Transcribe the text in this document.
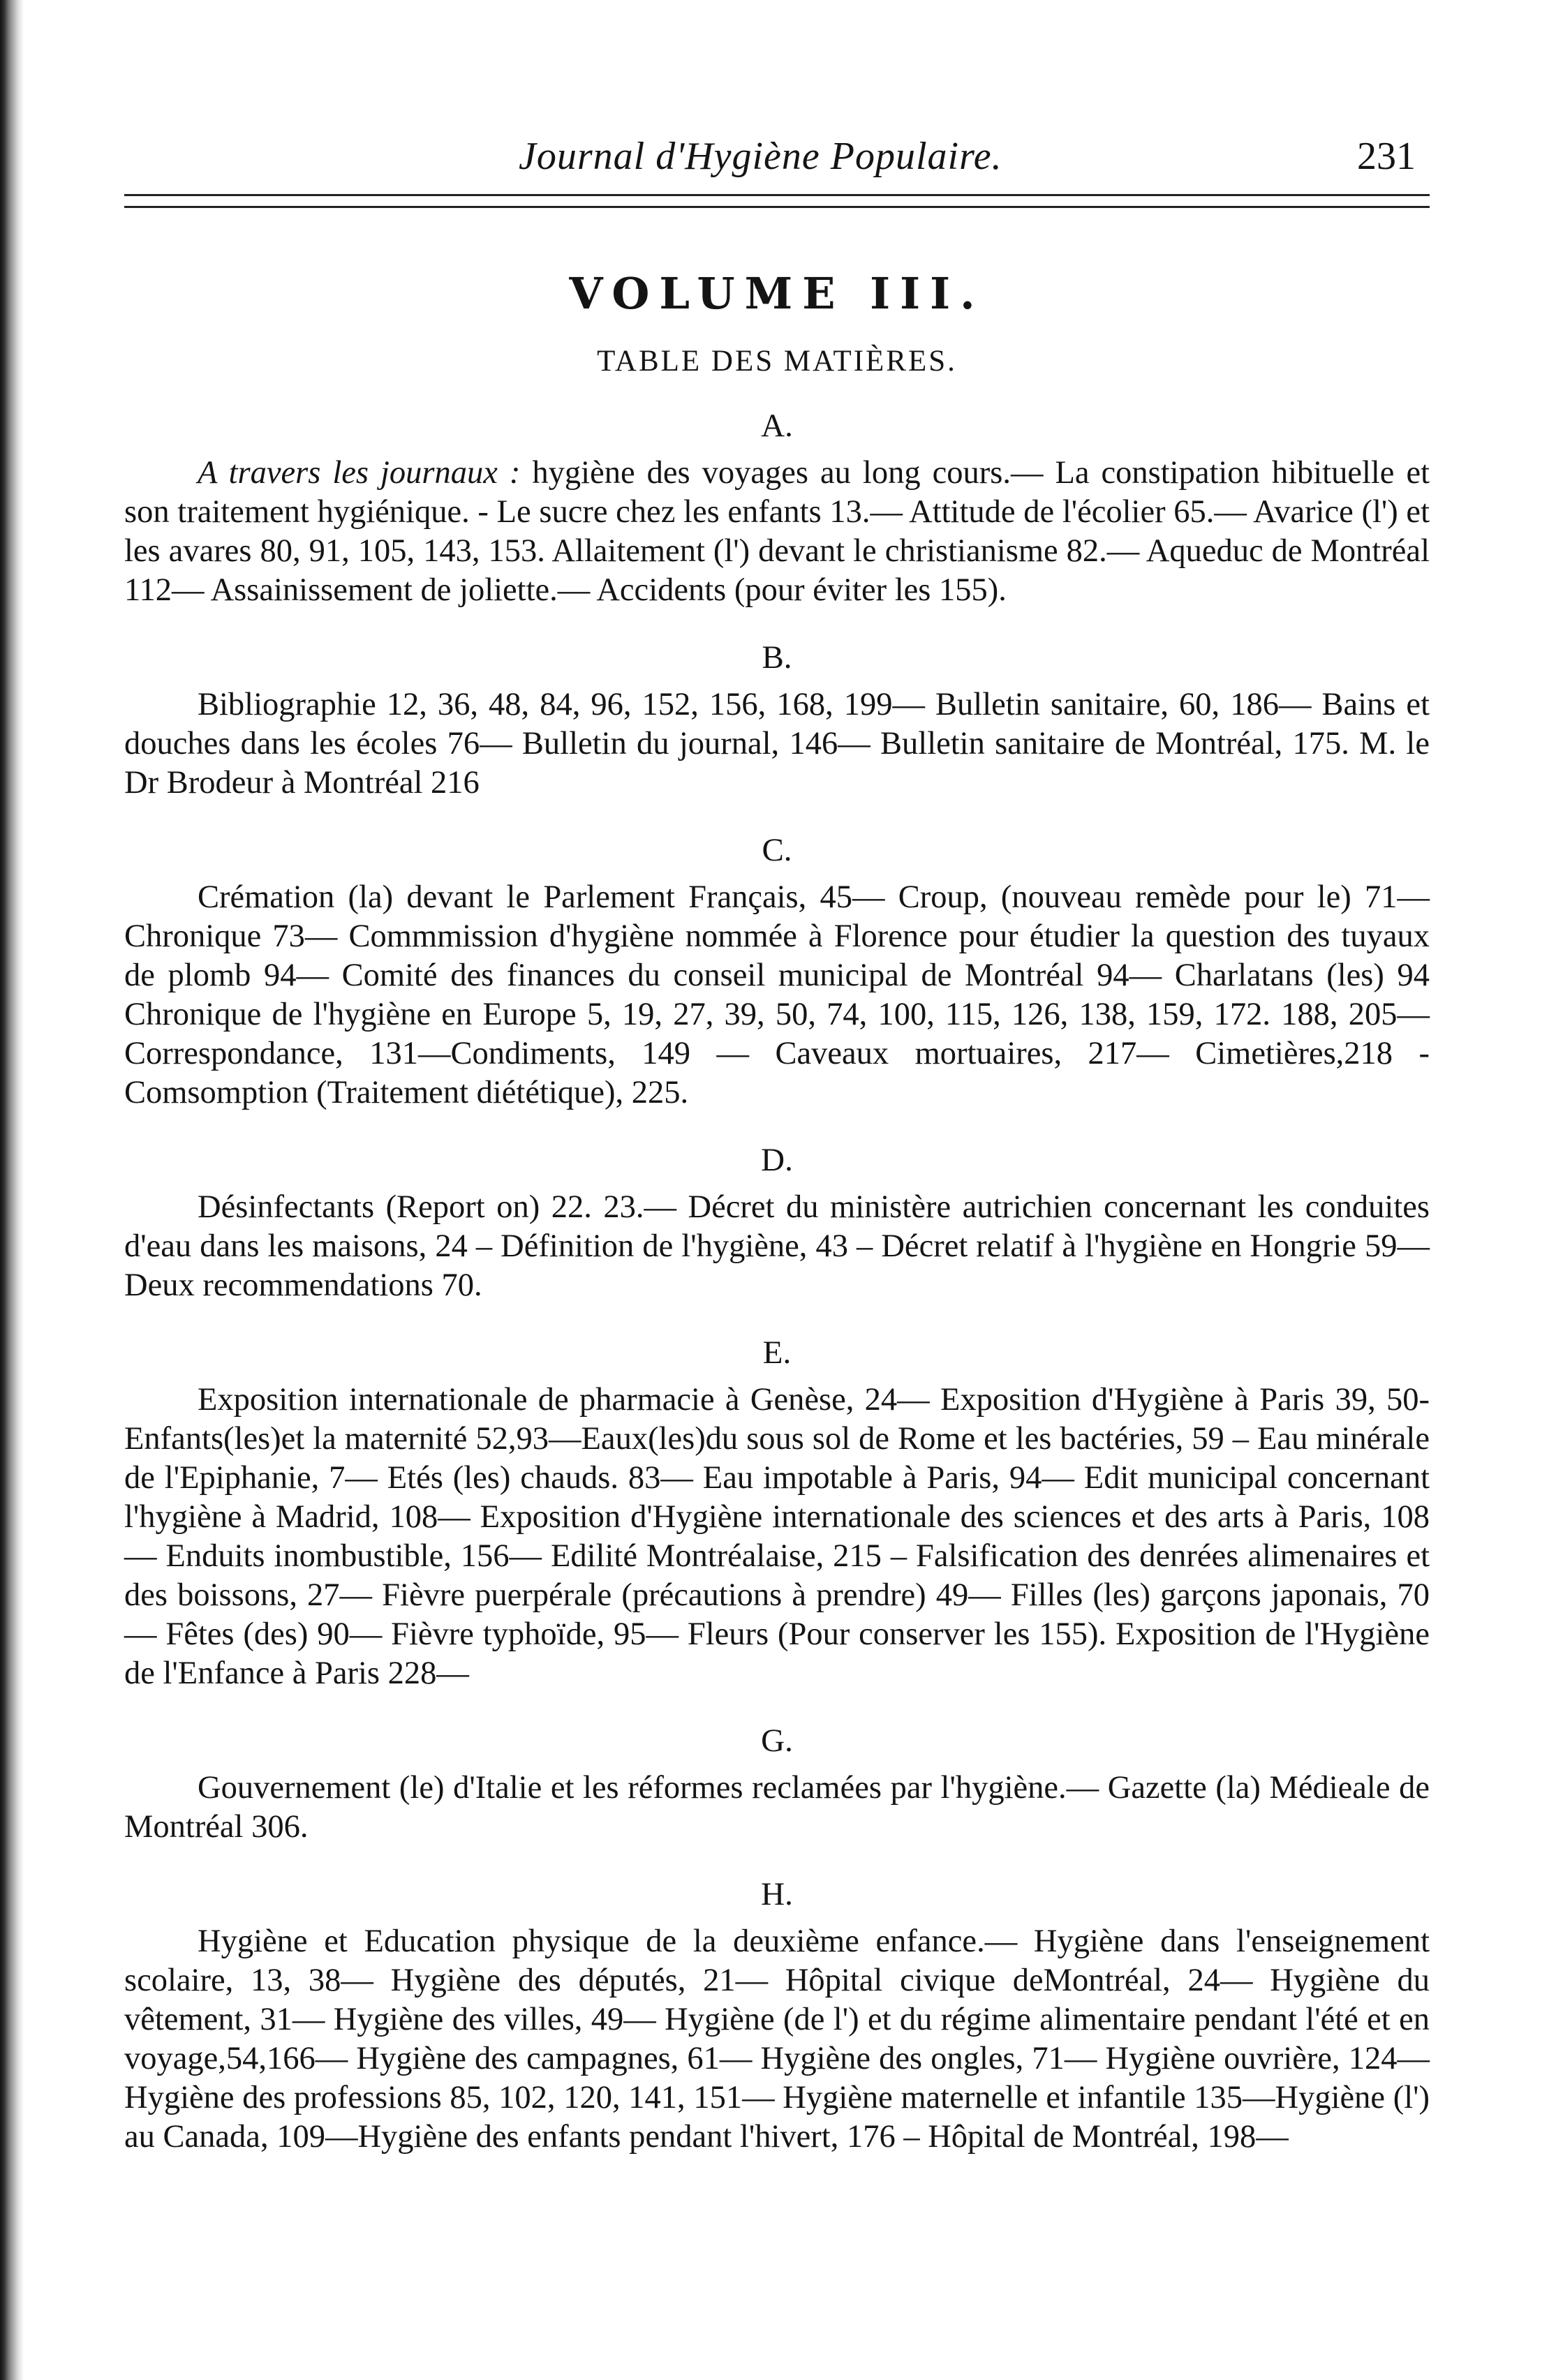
Journal d'Hygiène Populaire.	231
VOLUME III.
TABLE DES MATIÈRES.
A.

A travers les journaux : hygiène des voyages au long cours.— La constipation hibituelle et son traitement hygiénique. - Le sucre chez les enfants 13.— Attitude de l'écolier 65.— Avarice (l') et les avares 80, 91, 105, 143, 153. Allaitement (l') devant le christianisme 82.— Aqueduc de Montréal 112— Assainissement de joliette.— Accidents (pour éviter les 155).

B.

Bibliographie 12, 36, 48, 84, 96, 152, 156, 168, 199— Bulletin sanitaire, 60, 186— Bains et douches dans les écoles 76— Bulletin du journal, 146— Bulletin sanitaire de Montréal, 175. M. le Dr Brodeur à Montréal 216

C.

Crémation (la) devant le Parlement Français, 45— Croup, (nouveau remède pour le) 71—Chronique 73— Commmission d'hygiène nommée à Florence pour étudier la question des tuyaux de plomb 94— Comité des finances du conseil municipal de Montréal 94— Charlatans (les) 94 Chronique de l'hygiène en Europe 5, 19, 27, 39, 50, 74, 100, 115, 126, 138, 159, 172. 188, 205—Correspondance, 131—Condiments, 149 — Caveaux mortuaires, 217— Cimetières,218 - Comsomption (Traitement diététique), 225.

D.

Désinfectants (Report on) 22. 23.— Décret du ministère autrichien concernant les conduites d'eau dans les maisons, 24 – Définition de l'hygiène, 43 – Décret relatif à l'hygiène en Hongrie 59— Deux recommendations 70.

E.

Exposition internationale de pharmacie à Genèse, 24— Exposition d'Hygiène à Paris 39, 50- Enfants(les)et la maternité 52,93—Eaux(les)du sous sol de Rome et les bactéries, 59 – Eau minérale de l'Epiphanie, 7— Etés (les) chauds. 83— Eau impotable à Paris, 94— Edit municipal concernant l'hygiène à Madrid, 108— Exposition d'Hygiène internationale des sciences et des arts à Paris, 108— Enduits inombustible, 156— Edilité Montréalaise, 215 – Falsification des denrées alimenaires et des boissons, 27— Fièvre puerpérale (précautions à prendre) 49— Filles (les) garçons japonais, 70— Fêtes (des) 90— Fièvre typhoïde, 95— Fleurs (Pour conserver les 155). Exposition de l'Hygiène de l'Enfance à Paris 228—

G.

Gouvernement (le) d'Italie et les réformes reclamées par l'hygiène.— Gazette (la) Médieale de Montréal 306.

H.

Hygiène et Education physique de la deuxième enfance.— Hygiène dans l'enseignement scolaire, 13, 38— Hygiène des députés, 21— Hôpital civique deMontréal, 24— Hygiène du vêtement, 31— Hygiène des villes, 49— Hygiène (de l') et du régime alimentaire pendant l'été et en voyage,54,166— Hygiène des campagnes, 61— Hygiène des ongles, 71— Hygiène ouvrière, 124— Hygiène des professions 85, 102, 120, 141, 151— Hygiène maternelle et infantile 135—Hygiène (l') au Canada, 109—Hygiène des enfants pendant l'hivert, 176 – Hôpital de Montréal, 198—
